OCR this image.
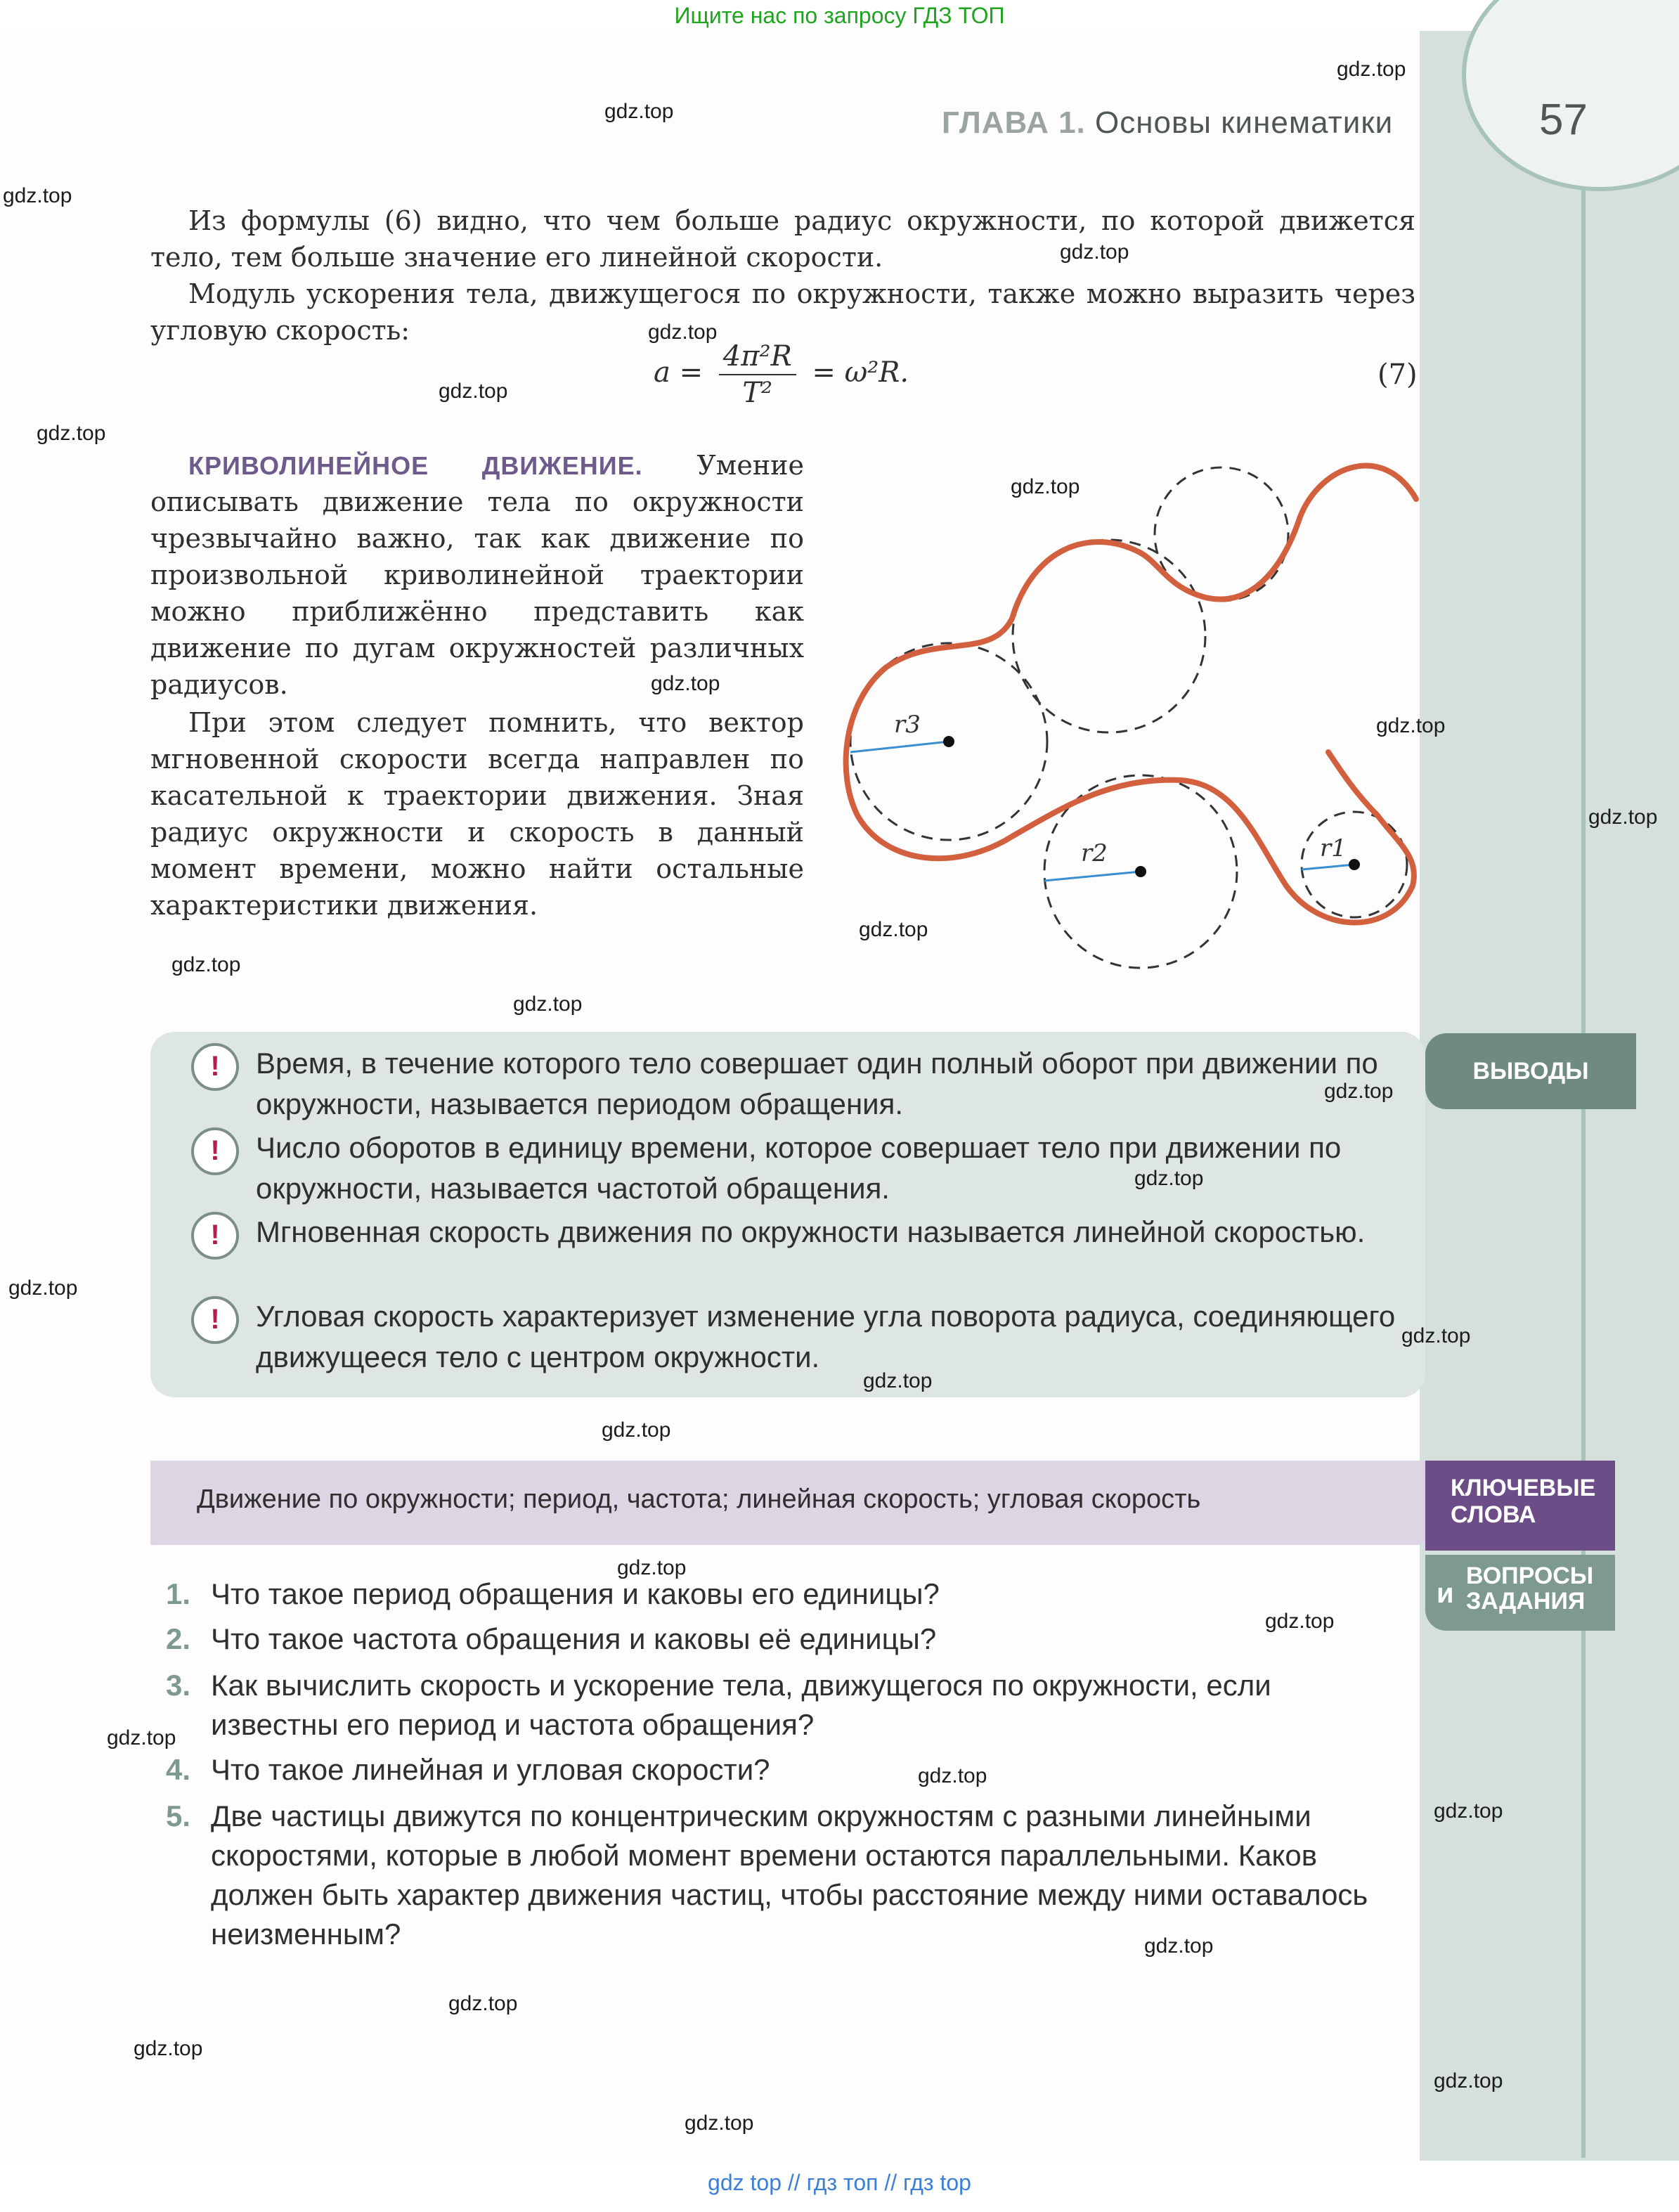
Ищите нас по запросу ГДЗ ТОП
ГЛАВА 1. Основы кинематики	57

Из формулы (6) видно, что чем больше радиус окружности, по которой движется тело, тем больше значение его линейной скорости.

Модуль ускорения тела, движущегося по окружности, также можно выразить через угловую скорость:

$a = \frac{\text{4π²R}}{\text{T²}} = \omega^2R$.	(7)

КРИВОЛИНЕЙНОЕ ДВИЖЕНИЕ. Умение описывать движение тела по окружности чрезвычайно важно, так как движение по произвольной криволинейной траектории можно приближённо представить как движение по дугам окружностей различных радиусов.

При этом следует помнить, что вектор мгновенной скорости всегда направлен по касательной к траектории движения. Зная радиус окружности и скорость в данный момент времени, можно найти остальные характеристики движения.

r3
r2	r1
!	Время, в течение которого тело совершает один полный оборот при движении по окружности, называется периодом обращения.
!	Число оборотов в единицу времени, которое совершает тело при движении по окружности, называется частотой обращения.
!	Мгновенная скорость движения по окружности называется линейной скоростью.
!	Угловая скорость характеризует изменение угла поворота радиуса, соединяющего движущееся тело с центром окружности.
ВЫВОДЫ
Движение по окружности; период, частота; линейная скорость; угловая скорость	КЛЮЧЕВЫЕ
СЛОВА
и
ВОПРОСЫ
ЗАДАНИЯ
1. Что такое период обращения и каковы его единицы?
2. Что такое частота обращения и каковы её единицы?
3. Как вычислить скорость и ускорение тела, движущегося по окружности, если известны его период и частота обращения?
4. Что такое линейная и угловая скорости?
5. Две частицы движутся по концентрическим окружностям с разными линейными скоростями, которые в любой момент времени остаются параллельными. Каков должен быть характер движения частиц, чтобы расстояние между ними оставалось неизменным?
gdz.top
gdz.top
gdz.top
gdz.top
gdz.top
gdz.top
gdz.top
gdz.top
gdz.top
gdz.top
gdz.top
gdz.top
gdz.top
gdz.top
gdz.top
gdz.top
gdz.top
gdz.top
gdz.top
gdz.top
gdz.top
gdz.top
gdz.top
gdz.top
gdz.top
gdz.top
gdz.top
gdz.top
gdz.top
gdz.top
gdz top // гдз топ // гдз top
